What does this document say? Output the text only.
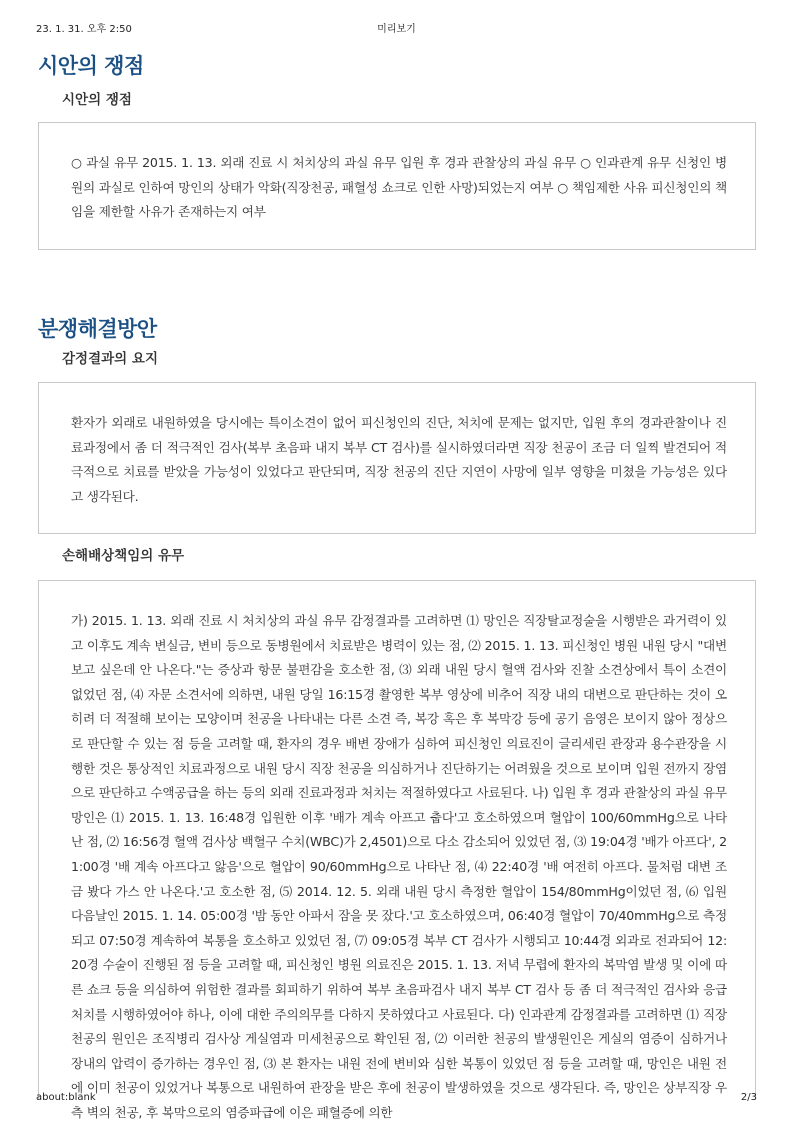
23. 1. 31. 오후 2:50	미리보기
시안의 쟁점
시안의 쟁점

○ 과실 유무 2015. 1. 13. 외래 진료 시 처치상의 과실 유무 입원 후 경과 관찰상의 과실 유무 ○ 인과관계 유무 신청인 병원의 과실로 인하여 망인의 상태가 악화(직장천공, 패혈성 쇼크로 인한 사망)되었는지 여부 ○ 책임제한 사유 피신청인의 책임을 제한할 사유가 존재하는지 여부

분쟁해결방안
감정결과의 요지

환자가 외래로 내원하였을 당시에는 특이소견이 없어 피신청인의 진단, 처치에 문제는 없지만, 입원 후의 경과관찰이나 진료과정에서 좀 더 적극적인 검사(복부 초음파 내지 복부 CT 검사)를 실시하였더라면 직장 천공이 조금 더 일찍 발견되어 적극적으로 치료를 받았을 가능성이 있었다고 판단되며, 직장 천공의 진단 지연이 사망에 일부 영향을 미쳤을 가능성은 있다고 생각된다.

손해배상책임의 유무

가) 2015. 1. 13. 외래 진료 시 처치상의 과실 유무 감정결과를 고려하면 ⑴ 망인은 직장탈교정술을 시행받은 과거력이 있고 이후도 계속 변실금, 변비 등으로 동병원에서 치료받은 병력이 있는 점, ⑵ 2015. 1. 13. 피신청인 병원 내원 당시 "대변 보고 싶은데 안 나온다."는 증상과 항문 불편감을 호소한 점, ⑶ 외래 내원 당시 혈액 검사와 진찰 소견상에서 특이 소견이 없었던 점, ⑷ 자문 소견서에 의하면, 내원 당일 16:15경 촬영한 복부 영상에 비추어 직장 내의 대변으로 판단하는 것이 오히려 더 적절해 보이는 모양이며 천공을 나타내는 다른 소견 즉, 복강 혹은 후 복막강 등에 공기 음영은 보이지 않아 정상으로 판단할 수 있는 점 등을 고려할 때, 환자의 경우 배변 장애가 심하여 피신청인 의료진이 글리세린 관장과 용수관장을 시행한 것은 통상적인 치료과정으로 내원 당시 직장 천공을 의심하거나 진단하기는 어려웠을 것으로 보이며 입원 전까지 장염으로 판단하고 수액공급을 하는 등의 외래 진료과정과 처치는 적절하였다고 사료된다. 나) 입원 후 경과 관찰상의 과실 유무 망인은 ⑴ 2015. 1. 13. 16:48경 입원한 이후 '배가 계속 아프고 춥다'고 호소하였으며 혈압이 100/60mmHg으로 나타난 점, ⑵ 16:56경 혈액 검사상 백혈구 수치(WBC)가 2,4501)으로 다소 감소되어 있었던 점, ⑶ 19:04경 '배가 아프다', 21:00경 '배 계속 아프다고 앓음'으로 혈압이 90/60mmHg으로 나타난 점, ⑷ 22:40경 '배 여전히 아프다. 물처럼 대변 조금 봤다 가스 안 나온다.'고 호소한 점, ⑸ 2014. 12. 5. 외래 내원 당시 측정한 혈압이 154/80mmHg이었던 점, ⑹ 입원 다음날인 2015. 1. 14. 05:00경 '밤 동안 아파서 잠을 못 잤다.'고 호소하였으며, 06:40경 혈압이 70/40mmHg으로 측정되고 07:50경 계속하여 복통을 호소하고 있었던 점, ⑺ 09:05경 복부 CT 검사가 시행되고 10:44경 외과로 전과되어 12:20경 수술이 진행된 점 등을 고려할 때, 피신청인 병원 의료진은 2015. 1. 13. 저녁 무렵에 환자의 복막염 발생 및 이에 따른 쇼크 등을 의심하여 위험한 결과를 회피하기 위하여 복부 초음파검사 내지 복부 CT 검사 등 좀 더 적극적인 검사와 응급처치를 시행하였어야 하나, 이에 대한 주의의무를 다하지 못하였다고 사료된다. 다) 인과관계 감정결과를 고려하면 ⑴ 직장 천공의 원인은 조직병리 검사상 게실염과 미세천공으로 확인된 점, ⑵ 이러한 천공의 발생원인은 게실의 염증이 심하거나 장내의 압력이 증가하는 경우인 점, ⑶ 본 환자는 내원 전에 변비와 심한 복통이 있었던 점 등을 고려할 때, 망인은 내원 전에 이미 천공이 있었거나 복통으로 내원하여 관장을 받은 후에 천공이 발생하였을 것으로 생각된다. 즉, 망인은 상부직장 우측 벽의 천공, 후 복막으로의 염증파급에 이은 패혈증에 의한

about:blank	2/3
